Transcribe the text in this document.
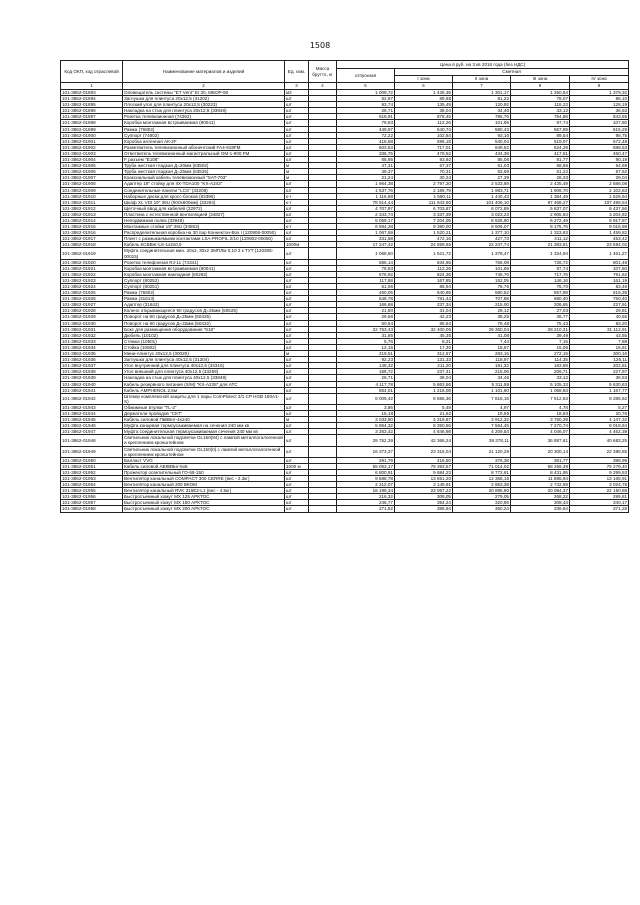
1508
Код ОКП, код отраслевой	Наименование материалов и изделий	Ед. изм.	Масса брутто, кг	Цена в руб. на 3 кв 2016 года (без НДС)				
				отпускная	Сметная			
					I зона	II зона	III зона	IV зона
1	2	3	4	5	6	7	8	9
101-3862-01893	Оповещатель системы "ET Vent" EI 30, МБОР-50	м2		1 009,72	1 436,35	1 301,17	1 250,64	1 379,32
101-3862-01894	Заглушка для плинтуса 20х12,5 (31202)	шт		52,97	89,68	81,22	78,07	86,10
101-3862-01895	Плоский угол для плинтуса 20х12,5 (30223)	шт		93,74	135,49	120,92	116,23	128,19
101-3862-01896	Накладка на стык для плинтуса 20х12,5 (33848)	шт		26,71	38,04	34,46	33,12	36,53
101-3862-01897	Розетка телевизионная (74362)	шт		618,91	878,45	795,76	764,86	843,55
101-3862-01898	Коробка монтажная встраиваемая (80041)	шт		79,83	112,26	101,69	97,74	107,80
101-3862-01899	Рамка (76802)	шт		449,97	640,74	580,43	557,89	615,29
101-3862-01900	Суппорт (74802)	шт		72,22	102,84	93,16	89,54	98,75
101-3862-01901	Коробка антенная АК-2F	шт		418,68	596,18	540,04	519,07	572,48
101-3862-01902	Разветвитель телевизионный абонентский FA4-818FM	шт		503,53	717,01	649,52	624,29	688,53
101-3862-01903	Ответвитель телевизионный магистральный ОМ-1-900 FM	шт		336,75	479,52	434,38	417,51	460,47
101-3862-01904	F разъем "Е108"	шт		65,95	93,92	85,08	81,77	90,19
101-3862-01905	Труба жесткая гладкая Д=20мм (63502)	м		47,31	67,37	61,03	58,66	64,69
101-3862-01906	Труба жесткая гладкая Д=25мм (63525)	м		49,37	70,31	63,69	61,22	67,52
101-3862-01907	Коаксиальный кабель телевизионный "SAT-703"	м		21,24	30,24	27,39	26,33	29,04
101-3862-01908	Адаптер 19" стойку для IIX-TDA100 "KX-A243"	шт		1 964,38	2 797,20	2 533,89	2 435,49	2 686,08
101-3862-01909	Соединительные панели "LCS" (33208)	шт		1 537,76	2 189,79	1 983,71	1 906,70	2 102,63
101-3862-01910	Наборные диски для кросс-блоков (83396)	к-т		1 116,68	1 590,11	1 440,43	1 384,49	1 526,94
101-3862-01911	Шкаф XL VDI 19" 39U (600х600мм) (33294)	к-т		78 514,44	111 943,90	101 406,10	97 468,27	107 496,54
101-3862-01912	Щеточный ввод для кабелей (32972)	шт		4 707,97	6 703,87	6 072,89	5 837,07	6 437,56
101-3862-01913	Пластина с естественной вентиляцией (34827)	шт		2 343,74	3 337,39	3 023,23	2 905,83	3 204,82
101-3862-01914	Неподвижная полка (32949)	шт		5 059,17	7 204,05	6 525,90	6 272,49	6 917,87
101-3862-01915	Монтажные стойки 19" 39U (34553)	к-т		6 594,28	9 390,00	8 506,07	8 175,76	9 016,98
101-3862-01916	Распределительная коробка на 30 пар Коннектон-Вох I (120908-00050)	шт		1 067,59	1 520,21	1 377,10	1 323,63	1 459,82
101-3862-01917	Плинт с размыкаемыми контактами LSA-PROFIL 2/10 (120902-00050)	шт		331,58	472,16	427,73	411,12	453,42
101-3862-01918	Кабель КСВВнг-LS-1х2х0,5	1000м		17 247,42	24 559,65	22 247,74	21 383,81	23 584,02
101-3862-01919	Муфта соединительная мин. 20х2, 30х2 ЗМПЛм 0,10 3 к ТУТ (120305-00015)	шт		1 068,60	1 521,72	1 378,47	1 324,94	1 461,27
101-3862-01920	Розетка телефонная RJ-11 (74341)	шт		586,14	834,65	756,08	726,72	801,49
101-3862-01921	Коробка монтажная встраиваемая (80041)	шт		78,83	112,26	101,69	97,74	107,80
101-3862-01922	Коробка монтажная накладная (80282)	шт		578,92	824,36	746,76	717,76	791,62
101-3862-01923	Суппорт (80252)	шт		117,88	167,85	152,05	146,16	161,19
101-3862-01924	Суппорт (80251)	шт		61,06	86,94	78,76	75,70	83,49
101-3862-01925	Рамка (76802)	шт		450,05	640,85	580,52	557,98	615,39
101-3862-01926	Рамка (31613)	шт		548,78	781,44	707,88	680,40	750,40
101-3862-01927	Адаптер (31642)	шт		166,68	237,34	215,00	206,65	227,91
101-3862-01928	Колено открывающееся 90 градусов Д=25мм (50525)	шт		21,80	31,04	28,12	27,03	29,81
101-3862-01929	Поворот на 90 градусов Д=25мм (50425)	шт		29,66	42,23	38,25	36,77	40,55
101-3862-01930	Поворот на 90 градусов Д=32мм (50432)	шт		60,64	86,64	78,48	75,43	83,20
101-3862-01931	Бокс для размещения оборудования "618"	шт		22 753,43	32 400,06	29 350,04	28 210,31	31 112,91
101-3862-01932	Дюбель (10102)	шт		31,85	45,35	41,08	39,49	43,55
101-3862-01933	Стяжка (10501)	шт		5,76	8,21	7,44	7,15	7,88
101-3862-01934	Стойка (10602)	шт		12,15	17,30	15,67	15,06	16,61
101-3862-01935	Мини-плинтус 40х12,5 (30020)	м		219,51	312,57	283,15	272,15	300,16
101-3862-01936	Заглушка для плинтуса 40х12,5 (31204)	шт		92,23	131,33	118,97	114,35	126,11
101-3862-01937	Угол внутренний для плинтуса 40х12,5 (33315)	шт		148,32	211,20	191,32	183,89	202,81
101-3862-01938	Угол внешний для плинтуса 40х12,5 (33259)	шт		166,72	237,41	215,06	206,71	227,97
101-3862-01939	Накладка на стык для плинтуса 40х12,5 (33848)	шт		26,71	38,04	34,46	33,12	36,53
101-3862-01940	Кабель резервного питания (S/M) "KX-A228" для АТС	шт		4 117,78	5 863,56	5 311,59	5 105,33	5 630,63
101-3862-01941	Кабель AMPHENOL 2,5м	шт		854,01	1 216,08	1 101,60	1 058,83	1 167,77
101-3862-01942	Штекер комплексной защиты для 1 пары ComPlotect 2/1 CP HGB 180A1-S)	шт		6 009,42	8 556,36	7 816,15	7 512,63	8 285,62
101-3862-01943	Обжимные втулки "TL-2"	шт		3,86	5,49	4,97	4,78	5,27
101-3862-01944	Держатели проводов "СКТ"	шт		15,18	21,62	19,59	18,83	20,76
101-3862-01945	Кабель силовой ПвВВнг-4х240	м		3 033,90	4 318,87	3 912,32	3 760,39	4 147,32
101-3862-01946	Муфта концевая термоусаживаемая на сечения 240 мм кв	шт		5 864,32	8 350,56	7 564,45	7 270,74	8 018,84
101-3862-01947	Муфта соединительная термоусаживаемая сечения 240 мм кв	шт		3 263,42	4 646,98	4 209,54	4 046,07	4 462,39
101-3862-01948	Светильник локальной подсветки OL150(84) с лампой металлогалогенной и креплением кронштейном	шт		29 752,39	42 366,24	38 378,11	36 887,81	40 683,25
101-3862-01949	Светильник локальной подсветки OL150(II) с лампой металлогалогенной и креплением кронштейном	шт		16 373,37	23 315,04	21 120,29	20 300,14	22 388,85
101-3862-01950	Балласт VVG	шт		291,79	415,50	376,38	361,77	398,99
101-3862-01951	Кабель силовой АВКВВнг-5х6	1000 м		55 053,17	78 393,57	71 014,02	68 256,39	75 279,40
101-3862-01952	Прожектор осветительный ГО-65-150	шт		6 800,91	9 684,23	8 772,61	8 431,95	9 299,53
101-3862-01953	Вентилятор канальный COMPACT 300 CERRE (вес - 2.3кг)	шт		9 588,78	13 651,20	12 366,15	11 885,94	13 108,91
101-3862-01954	Вентилятор канальный 200 ВКОМ	шт		2 212,07	3 149,91	2 853,39	2 742,59	3 024,78
101-3862-01955	Вентилятор канальный RVK 315E2-L1 (вес - 4.5кг)	шт		16 199,34	23 067,22	20 895,80	20 084,37	22 150,88
101-3862-01956	Быстросъемный хомут МХ 125 АРКТОС	шт		216,32	308,05	279,05	268,22	295,81
101-3862-01957	Быстросъемный хомут МХ 160 АРКТОС	шт		246,77	354,24	320,89	308,43	340,17
101-3862-01958	Быстросъемный хомут МХ 200 АРКТОС	шт		271,52	386,64	350,24	336,64	371,28
